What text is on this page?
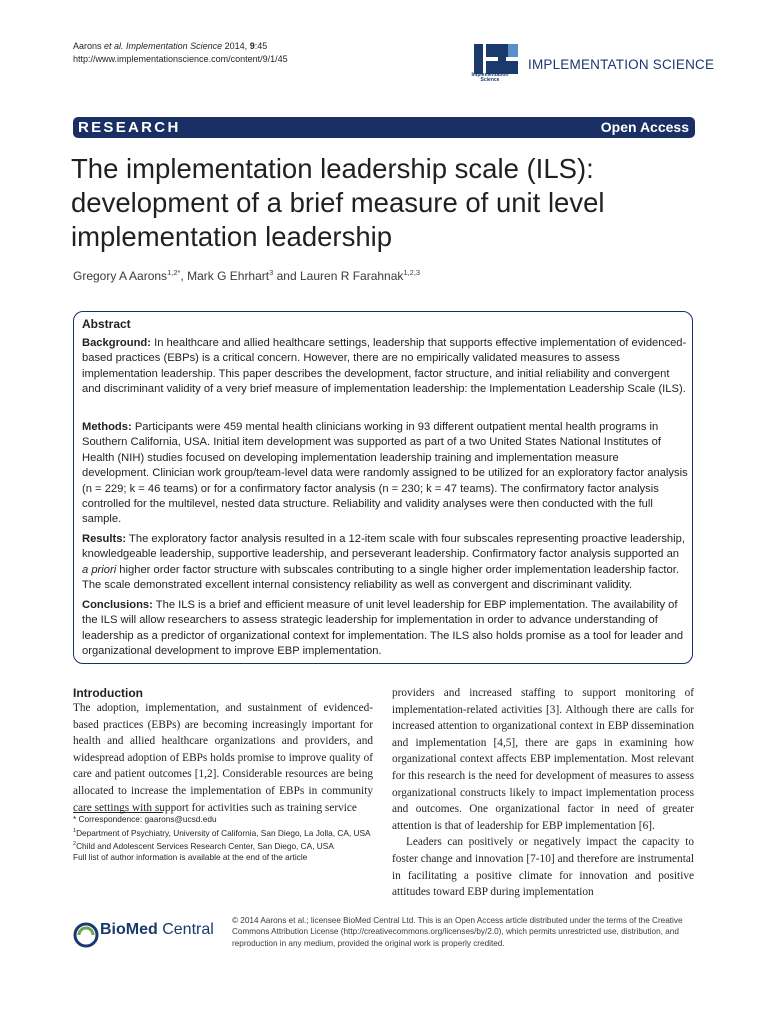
Aarons et al. Implementation Science 2014, 9:45
http://www.implementationscience.com/content/9/1/45
Implementation Science
IMPLEMENTATION SCIENCE
RESEARCH	Open Access
The implementation leadership scale (ILS): development of a brief measure of unit level implementation leadership
Gregory A Aarons$^{1,2*}$, Mark G Ehrhart$^3$ and Lauren R Farahnak$^{1,2,3}$
Abstract
Background: In healthcare and allied healthcare settings, leadership that supports effective implementation of evidenced-based practices (EBPs) is a critical concern. However, there are no empirically validated measures to assess implementation leadership. This paper describes the development, factor structure, and initial reliability and convergent and discriminant validity of a very brief measure of implementation leadership: the Implementation Leadership Scale (ILS).
Methods: Participants were 459 mental health clinicians working in 93 different outpatient mental health programs in Southern California, USA. Initial item development was supported as part of a two United States National Institutes of Health (NIH) studies focused on developing implementation leadership training and implementation measure development. Clinician work group/team-level data were randomly assigned to be utilized for an exploratory factor analysis (n = 229; k = 46 teams) or for a confirmatory factor analysis (n = 230; k = 47 teams). The confirmatory factor analysis controlled for the multilevel, nested data structure. Reliability and validity analyses were then conducted with the full sample.
Results: The exploratory factor analysis resulted in a 12-item scale with four subscales representing proactive leadership, knowledgeable leadership, supportive leadership, and perseverant leadership. Confirmatory factor analysis supported an a priori higher order factor structure with subscales contributing to a single higher order implementation leadership factor. The scale demonstrated excellent internal consistency reliability as well as convergent and discriminant validity.
Conclusions: The ILS is a brief and efficient measure of unit level leadership for EBP implementation. The availability of the ILS will allow researchers to assess strategic leadership for implementation in order to advance understanding of leadership as a predictor of organizational context for implementation. The ILS also holds promise as a tool for leader and organizational development to improve EBP implementation.
Introduction

The adoption, implementation, and sustainment of evidenced-based practices (EBPs) are becoming increasingly important for health and allied healthcare organizations and providers, and widespread adoption of EBPs holds promise to improve quality of care and patient outcomes [1,2]. Considerable resources are being allocated to increase the implementation of EBPs in community care settings with support for activities such as training service

providers and increased staffing to support monitoring of implementation-related activities [3]. Although there are calls for increased attention to organizational context in EBP dissemination and implementation [4,5], there are gaps in examining how organizational context affects EBP implementation. Most relevant for this research is the need for development of measures to assess organizational constructs likely to impact implementation process and outcomes. One organizational factor in need of greater attention is that of leadership for EBP implementation [6].

Leaders can positively or negatively impact the capacity to foster change and innovation [7-10] and therefore are instrumental in facilitating a positive climate for innovation and positive attitudes toward EBP during implementation

* Correspondence: gaarons@ucsd.edu

$^1$Department of Psychiatry, University of California, San Diego, La Jolla, CA, USA

$^2$Child and Adolescent Services Research Center, San Diego, CA, USA

Full list of author information is available at the end of the article

BioMed Central
© 2014 Aarons et al.; licensee BioMed Central Ltd. This is an Open Access article distributed under the terms of the Creative Commons Attribution License (http://creativecommons.org/licenses/by/2.0), which permits unrestricted use, distribution, and reproduction in any medium, provided the original work is properly credited.
